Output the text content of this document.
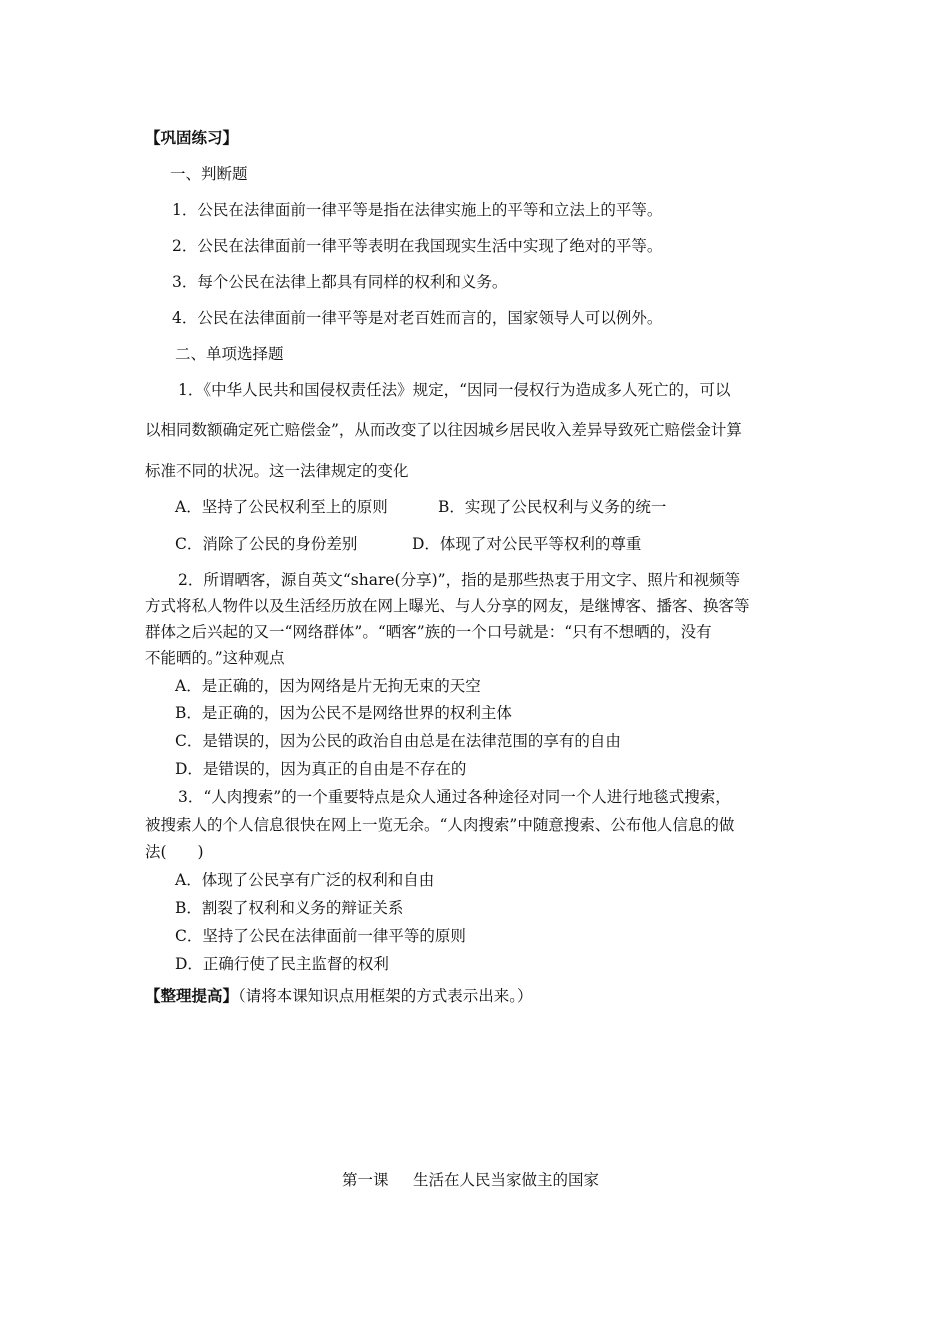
【巩固练习】
一、判断题
1．公民在法律面前一律平等是指在法律实施上的平等和立法上的平等。
2．公民在法律面前一律平等表明在我国现实生活中实现了绝对的平等。
3．每个公民在法律上都具有同样的权利和义务。
4．公民在法律面前一律平等是对老百姓而言的，国家领导人可以例外。
二、单项选择题
1．《中华人民共和国侵权责任法》规定，“因同一侵权行为造成多人死亡的，可以
以相同数额确定死亡赔偿金”，从而改变了以往因城乡居民收入差异导致死亡赔偿金计算
标准不同的状况。这一法律规定的变化
A．坚持了公民权利至上的原则	B．实现了公民权利与义务的统一
C．消除了公民的身份差别	D．体现了对公民平等权利的尊重
2．所谓晒客，源自英文“share(分享)”，指的是那些热衷于用文字、照片和视频等
方式将私人物件以及生活经历放在网上曝光、与人分享的网友，是继博客、播客、换客等
群体之后兴起的又一“网络群体”。“晒客”族的一个口号就是：“只有不想晒的，没有
不能晒的。”这种观点
A．是正确的，因为网络是片无拘无束的天空
B．是正确的，因为公民不是网络世界的权利主体
C．是错误的，因为公民的政治自由总是在法律范围的享有的自由
D．是错误的，因为真正的自由是不存在的
3．“人肉搜索”的一个重要特点是众人通过各种途径对同一个人进行地毯式搜索，
被搜索人的个人信息很快在网上一览无余。“人肉搜索”中随意搜索、公布他人信息的做
法(　　)
A．体现了公民享有广泛的权利和自由
B．割裂了权利和义务的辩证关系
C．坚持了公民在法律面前一律平等的原则
D．正确行使了民主监督的权利
【整理提高】（请将本课知识点用框架的方式表示出来。）
第一课 生活在人民当家做主的国家
